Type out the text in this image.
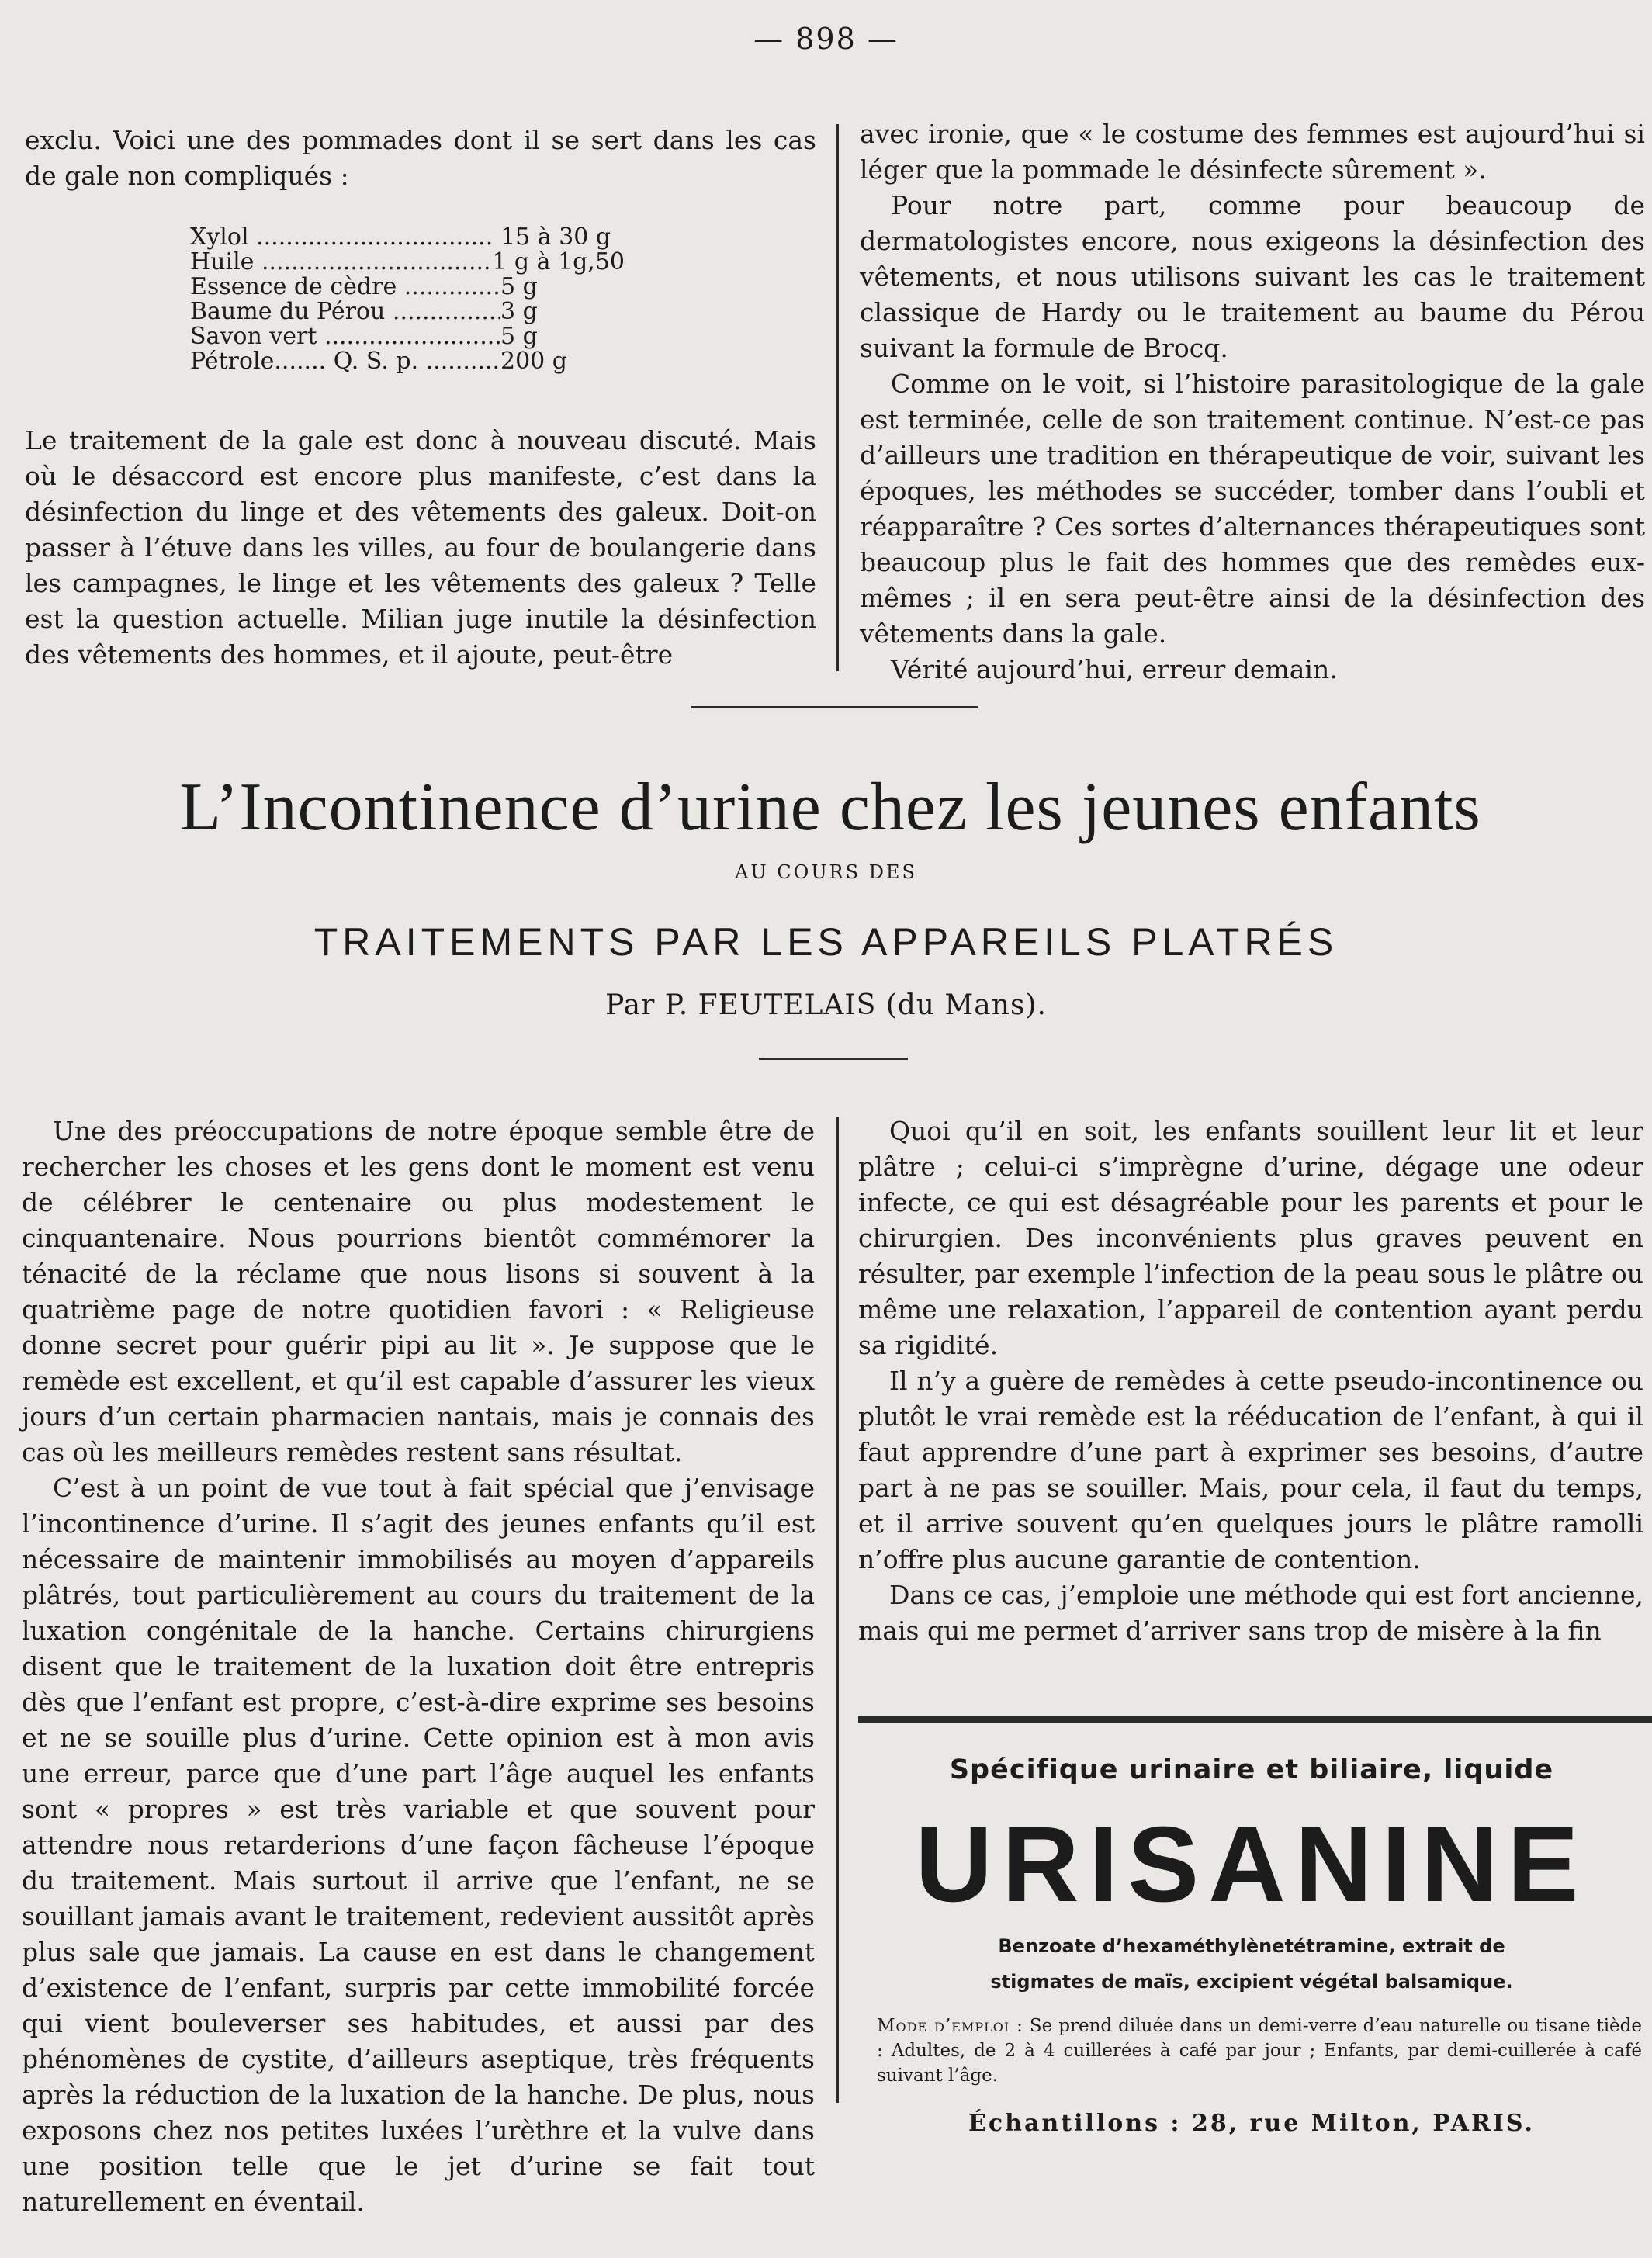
— 898 —

exclu. Voici une des pommades dont il se sert dans les cas de gale non compliqués :

Xylol .....	15 à 30 g
Huile .....	1 g à 1g,50
Essence de cèdre .....	5 g
Baume du Pérou .....	3 g
Savon vert .....	5 g
Pétrole....... Q. S. p. .....	200 g

Le traitement de la gale est donc à nouveau discuté. Mais où le désaccord est encore plus manifeste, c’est dans la désinfection du linge et des vêtements des galeux. Doit-on passer à l’étuve dans les villes, au four de boulangerie dans les campagnes, le linge et les vêtements des galeux ? Telle est la question actuelle. Milian juge inutile la désinfection des vêtements des hommes, et il ajoute, peut-être

avec ironie, que « le costume des femmes est aujourd’hui si léger que la pommade le désinfecte sûrement ».

Pour notre part, comme pour beaucoup de dermatologistes encore, nous exigeons la désinfection des vêtements, et nous utilisons suivant les cas le traitement classique de Hardy ou le traitement au baume du Pérou suivant la formule de Brocq.

Comme on le voit, si l’histoire parasitologique de la gale est terminée, celle de son traitement continue. N’est-ce pas d’ailleurs une tradition en thérapeutique de voir, suivant les époques, les méthodes se succéder, tomber dans l’oubli et réapparaître ? Ces sortes d’alternances thérapeutiques sont beaucoup plus le fait des hommes que des remèdes eux-mêmes ; il en sera peut-être ainsi de la désinfection des vêtements dans la gale.

Vérité aujourd’hui, erreur demain.

L’Incontinence d’urine chez les jeunes enfants
AU COURS DES
TRAITEMENTS PAR LES APPAREILS PLATRÉS
Par P. FEUTELAIS (du Mans).

Une des préoccupations de notre époque semble être de rechercher les choses et les gens dont le moment est venu de célébrer le centenaire ou plus modestement le cinquantenaire. Nous pourrions bientôt commémorer la ténacité de la réclame que nous lisons si souvent à la quatrième page de notre quotidien favori : « Religieuse donne secret pour guérir pipi au lit ». Je suppose que le remède est excellent, et qu’il est capable d’assurer les vieux jours d’un certain pharmacien nantais, mais je connais des cas où les meilleurs remèdes restent sans résultat.

C’est à un point de vue tout à fait spécial que j’envisage l’incontinence d’urine. Il s’agit des jeunes enfants qu’il est nécessaire de maintenir immobilisés au moyen d’appareils plâtrés, tout particulièrement au cours du traitement de la luxation congénitale de la hanche. Certains chirurgiens disent que le traitement de la luxation doit être entrepris dès que l’enfant est propre, c’est-à-dire exprime ses besoins et ne se souille plus d’urine. Cette opinion est à mon avis une erreur, parce que d’une part l’âge auquel les enfants sont « propres » est très variable et que souvent pour attendre nous retarderions d’une façon fâcheuse l’époque du traitement. Mais surtout il arrive que l’enfant, ne se souillant jamais avant le traitement, redevient aussitôt après plus sale que jamais. La cause en est dans le changement d’existence de l’enfant, surpris par cette immobilité forcée qui vient bouleverser ses habitudes, et aussi par des phénomènes de cystite, d’ailleurs aseptique, très fréquents après la réduction de la luxation de la hanche. De plus, nous exposons chez nos petites luxées l’urèthre et la vulve dans une position telle que le jet d’urine se fait tout naturellement en éventail.

Quoi qu’il en soit, les enfants souillent leur lit et leur plâtre ; celui-ci s’imprègne d’urine, dégage une odeur infecte, ce qui est désagréable pour les parents et pour le chirurgien. Des inconvénients plus graves peuvent en résulter, par exemple l’infection de la peau sous le plâtre ou même une relaxation, l’appareil de contention ayant perdu sa rigidité.

Il n’y a guère de remèdes à cette pseudo-incontinence ou plutôt le vrai remède est la rééducation de l’enfant, à qui il faut apprendre d’une part à exprimer ses besoins, d’autre part à ne pas se souiller. Mais, pour cela, il faut du temps, et il arrive souvent qu’en quelques jours le plâtre ramolli n’offre plus aucune garantie de contention.

Dans ce cas, j’emploie une méthode qui est fort ancienne, mais qui me permet d’arriver sans trop de misère à la fin

Spécifique urinaire et biliaire, liquide

URISANINE
Benzoate d’hexaméthylènetétramine, extrait de
stigmates de maïs, excipient végétal balsamique.
Mode d’emploi : Se prend diluée dans un demi-verre d’eau naturelle ou tisane tiède : Adultes, de 2 à 4 cuillerées à café par jour ; Enfants, par demi-cuillerée à café suivant l’âge.
Échantillons : 28, rue Milton, PARIS.
